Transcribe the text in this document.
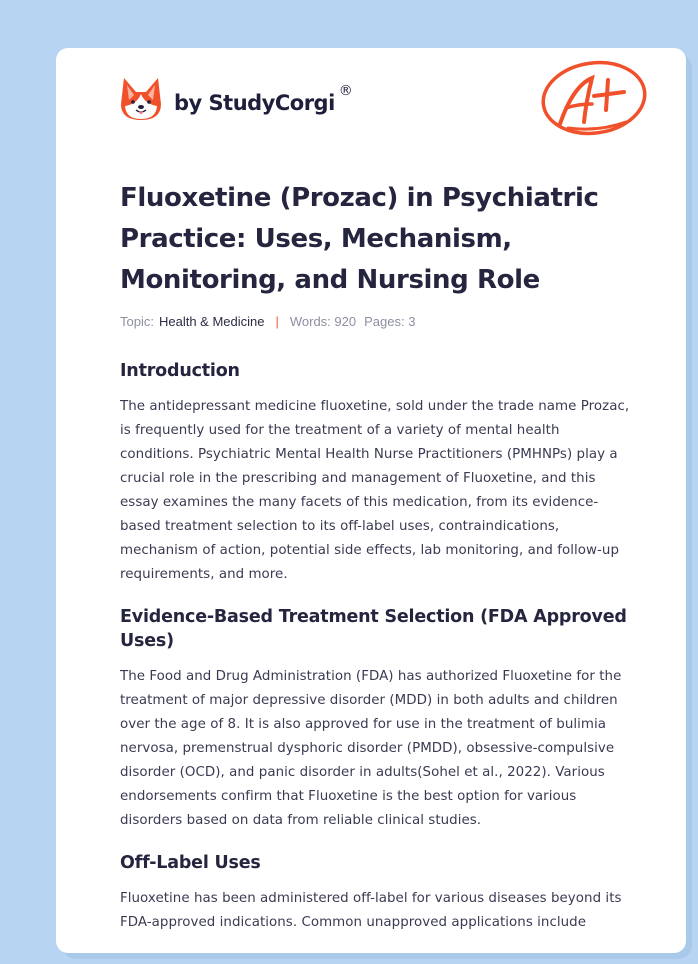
by StudyCorgi ®
Fluoxetine (Prozac) in Psychiatric Practice: Uses, Mechanism, Monitoring, and Nursing Role
Topic: Health & Medicine | Words: 920 Pages: 3
Introduction

The antidepressant medicine fluoxetine, sold under the trade name Prozac, is frequently used for the treatment of a variety of mental health conditions. Psychiatric Mental Health Nurse Practitioners (PMHNPs) play a crucial role in the prescribing and management of Fluoxetine, and this essay examines the many facets of this medication, from its evidence-based treatment selection to its off-label uses, contraindications, mechanism of action, potential side effects, lab monitoring, and follow-up requirements, and more.

Evidence-Based Treatment Selection (FDA Approved Uses)

The Food and Drug Administration (FDA) has authorized Fluoxetine for the treatment of major depressive disorder (MDD) in both adults and children over the age of 8. It is also approved for use in the treatment of bulimia nervosa, premenstrual dysphoric disorder (PMDD), obsessive-compulsive disorder (OCD), and panic disorder in adults(Sohel et al., 2022). Various endorsements confirm that Fluoxetine is the best option for various disorders based on data from reliable clinical studies.

Off-Label Uses

Fluoxetine has been administered off-label for various diseases beyond its FDA-approved indications. Common unapproved applications include
